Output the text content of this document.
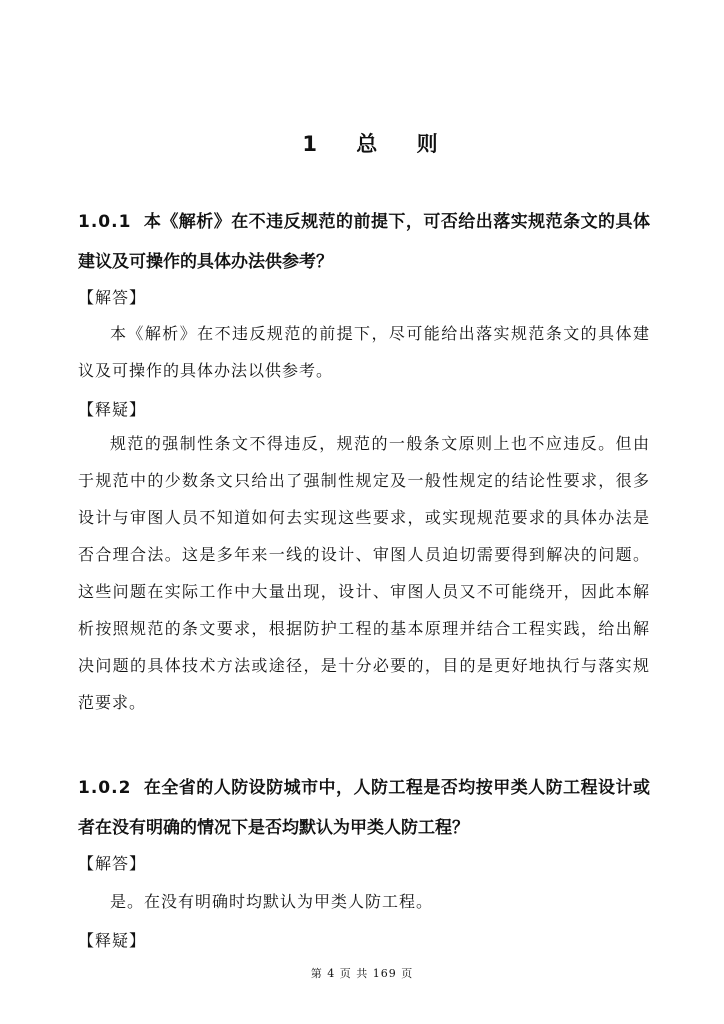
1 总 则
1.0.1 本《解析》在不违反规范的前提下，可否给出落实规范条文的具体建议及可操作的具体办法供参考？
【解答】
本《解析》在不违反规范的前提下，尽可能给出落实规范条文的具体建议及可操作的具体办法以供参考。
【释疑】
规范的强制性条文不得违反，规范的一般条文原则上也不应违反。但由于规范中的少数条文只给出了强制性规定及一般性规定的结论性要求，很多设计与审图人员不知道如何去实现这些要求，或实现规范要求的具体办法是否合理合法。这是多年来一线的设计、审图人员迫切需要得到解决的问题。这些问题在实际工作中大量出现，设计、审图人员又不可能绕开，因此本解析按照规范的条文要求，根据防护工程的基本原理并结合工程实践，给出解决问题的具体技术方法或途径，是十分必要的，目的是更好地执行与落实规范要求。
1.0.2 在全省的人防设防城市中，人防工程是否均按甲类人防工程设计或者在没有明确的情况下是否均默认为甲类人防工程？
【解答】
是。在没有明确时均默认为甲类人防工程。
【释疑】
第 4 页 共 169 页
